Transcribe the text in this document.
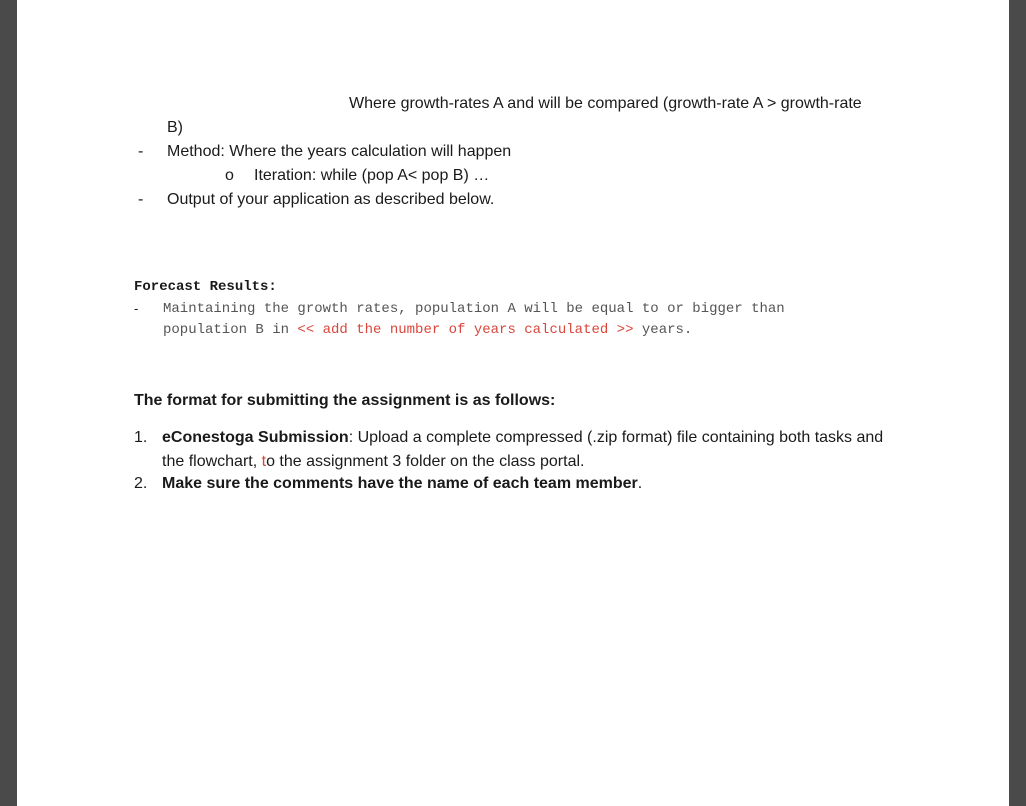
Where growth-rates A and will be compared (growth-rate A > growth-rate
B)
- Method: Where the years calculation will happen
o Iteration: while (pop A< pop B) …
- Output of your application as described below.
Forecast Results:
- Maintaining the growth rates, population A will be equal to or bigger than
population B in << add the number of years calculated >> years.
The format for submitting the assignment is as follows:
1. eConestoga Submission: Upload a complete compressed (.zip format) file containing both tasks and
the flowchart, to the assignment 3 folder on the class portal.
2. Make sure the comments have the name of each team member.
